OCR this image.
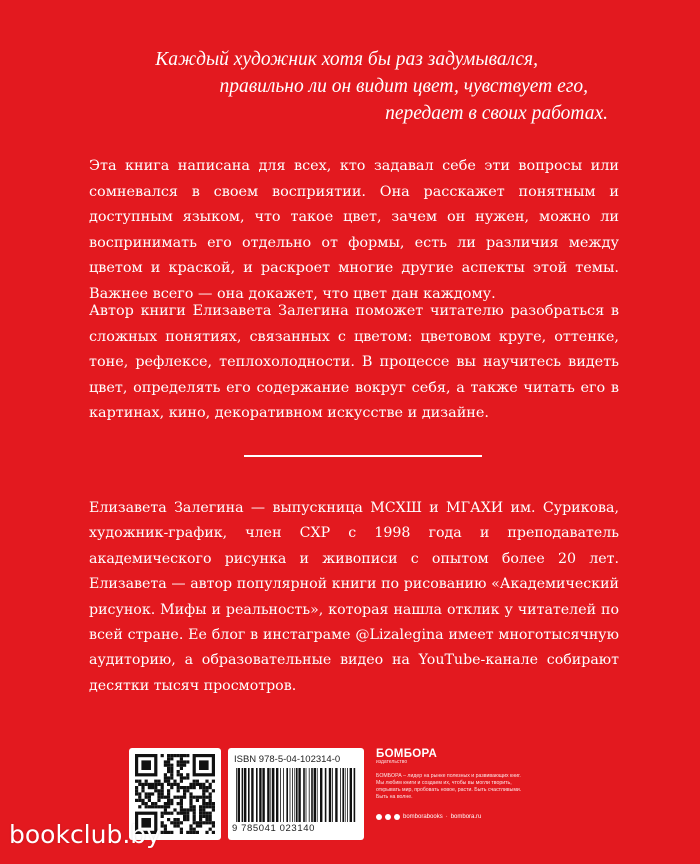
Каждый художник хотя бы раз задумывался,
правильно ли он видит цвет, чувствует его,
передает в своих работах.
Эта книга написана для всех, кто задавал себе эти вопросы или сомневался в своем восприятии. Она расскажет понятным и доступным языком, что такое цвет, зачем он нужен, можно ли воспринимать его отдельно от формы, есть ли различия между цветом и краской, и раскроет многие другие аспекты этой темы. Важнее всего — она докажет, что цвет дан каждому.
Автор книги Елизавета Залегина поможет читателю разобраться в сложных понятиях, связанных с цветом: цветовом круге, оттенке, тоне, рефлексе, теплохолодности. В процессе вы научитесь видеть цвет, определять его содержание вокруг себя, а также читать его в картинах, кино, декоративном искусстве и дизайне.
Елизавета Залегина — выпускница МСХШ и МГАХИ им. Сурикова, художник-график, член СХР с 1998 года и преподаватель академического рисунка и живописи с опытом более 20 лет. Елизавета — автор популярной книги по рисованию «Академический рисунок. Мифы и реальность», которая нашла отклик у читателей по всей стране. Ее блог в инстаграме @Lizalegina имеет многотысячную аудиторию, а образовательные видео на YouTube-канале собирают десятки тысяч просмотров.
ISBN 978-5-04-102314-0
9 785041 023140
БОМБОРА
издательство
БОМБОРА – лидер на рынке полезных и развивающих книг. Мы любим книги и создаем их, чтобы вы могли творить, открывать мир, пробовать новое, расти. Быть счастливыми. Быть на волне.
bomborabooks · bombora.ru
bookclub.by
